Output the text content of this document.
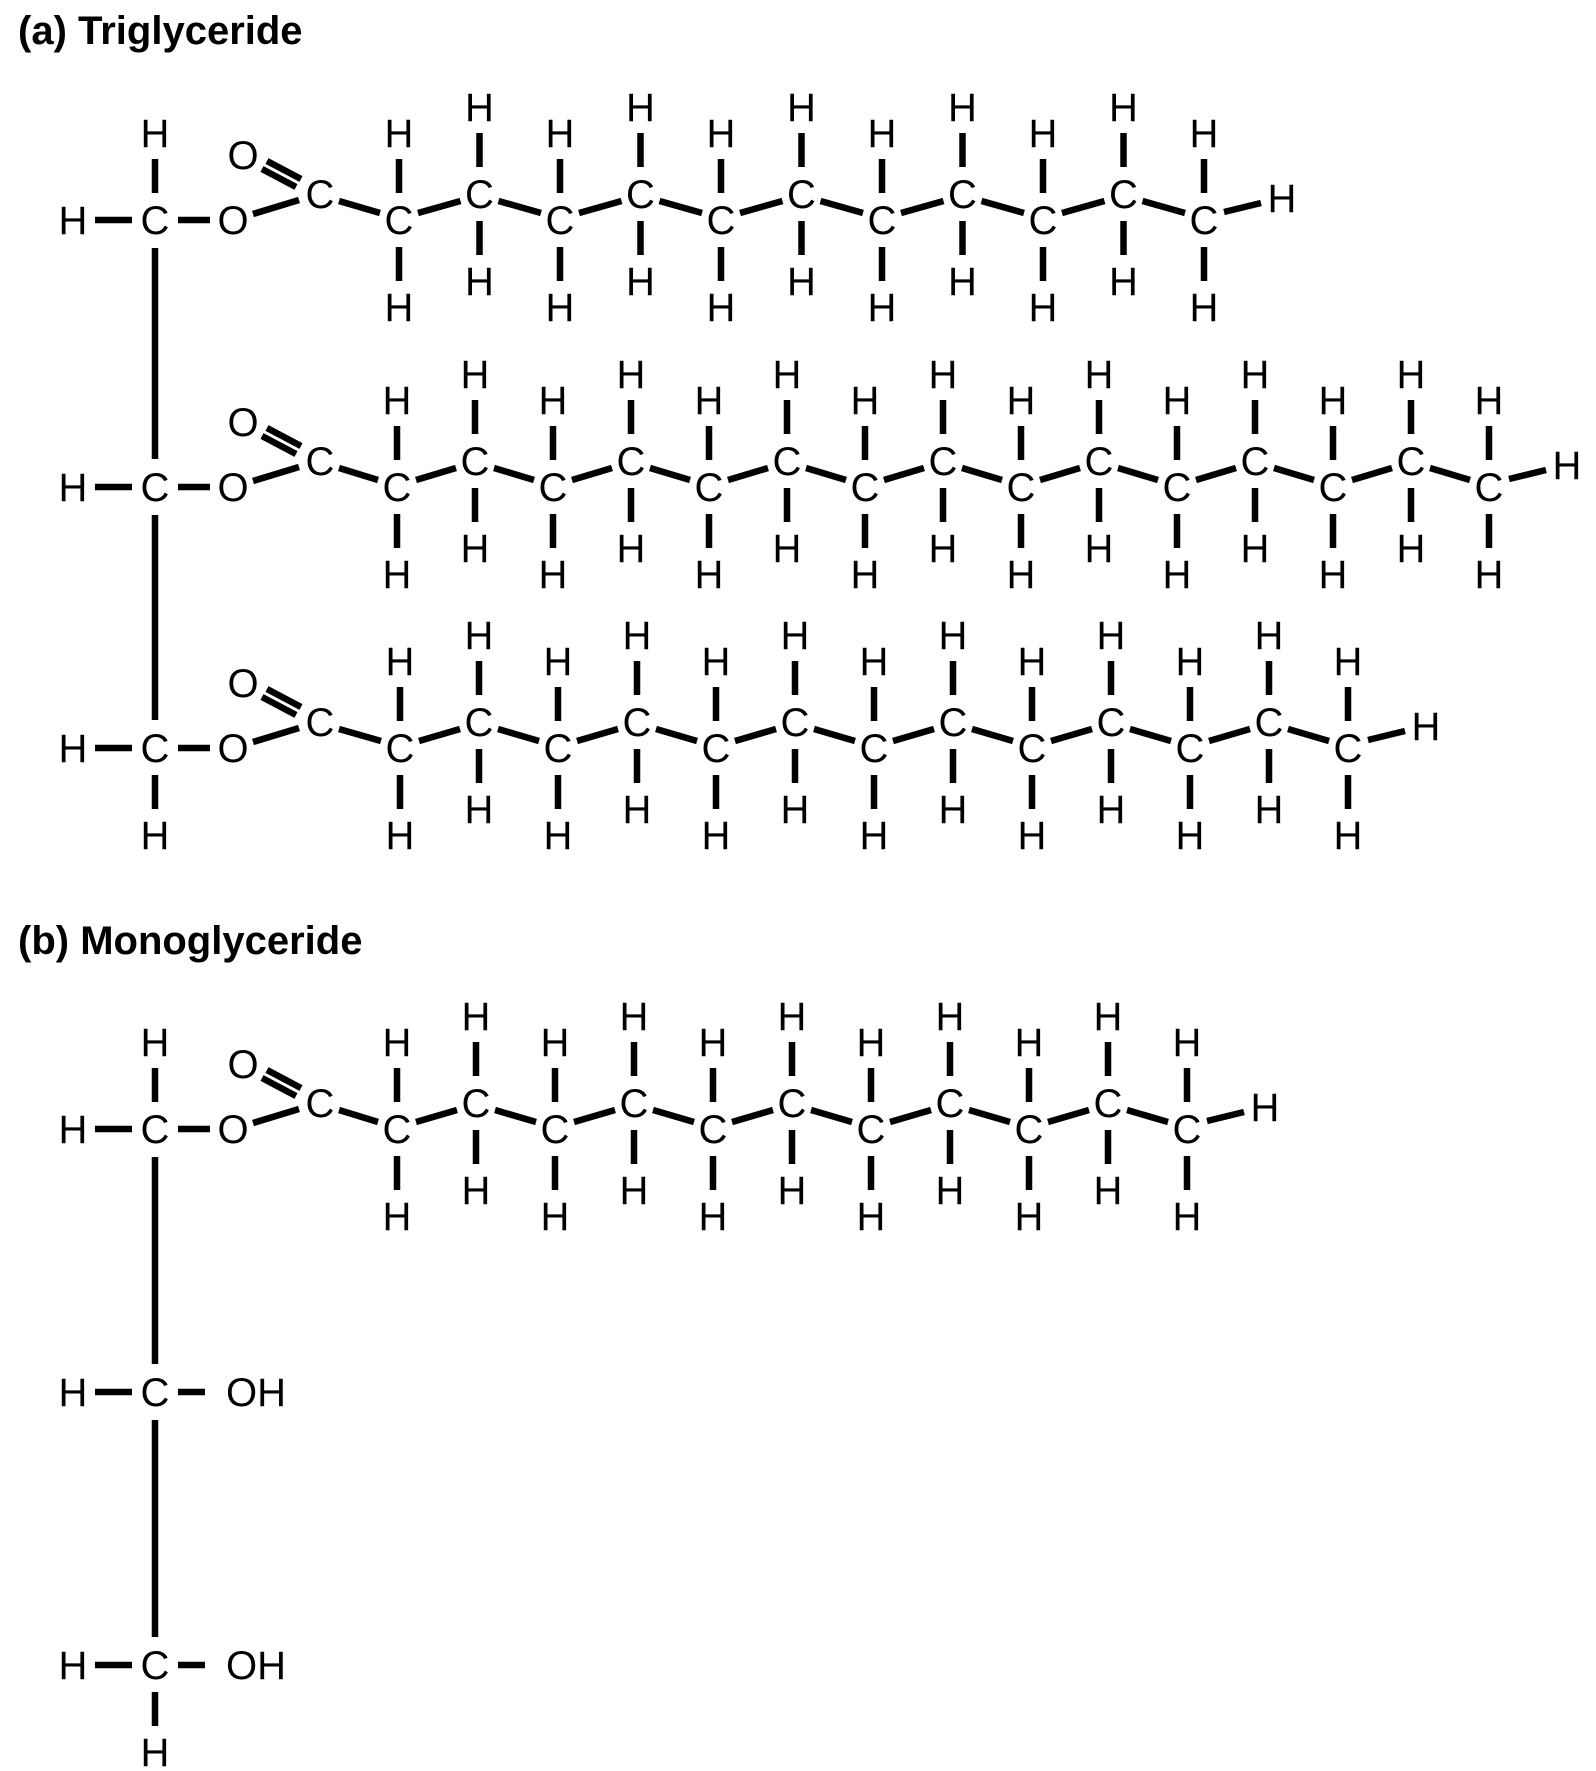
(a) Triglyceride
(b) Monoglyceride
H C
H
O
H C O
H C
H
O
C
O
C
H
H
C
H
H
C
H
H
C
H
H
C
H
H
C
H
H
C
H
H
C
H
H
C
H
H
C
H
H
C
H
H
H
C
O
C
H
H
C
H
H
C
H
H
C
H
H
C
H
H
C
H
H
C
H
H
C
H
H
C
H
H
C
H
H
C
H
H
C
H
H
C
H
H
C
H
H
C
H
H
H
C
O
C
H
H
C
H
H
C
H
H
C
H
H
C
H
H
C
H
H
C
H
H
C
H
H
C
H
H
C
H
H
C
H
H
C
H
H
C
H
H
H
H C
H
O
H C OH
H C
H
OH
C
O
C
H
H
C
H
H
C
H
H
C
H
H
C
H
H
C
H
H
C
H
H
C
H
H
C
H
H
C
H
H
C
H
H
H
